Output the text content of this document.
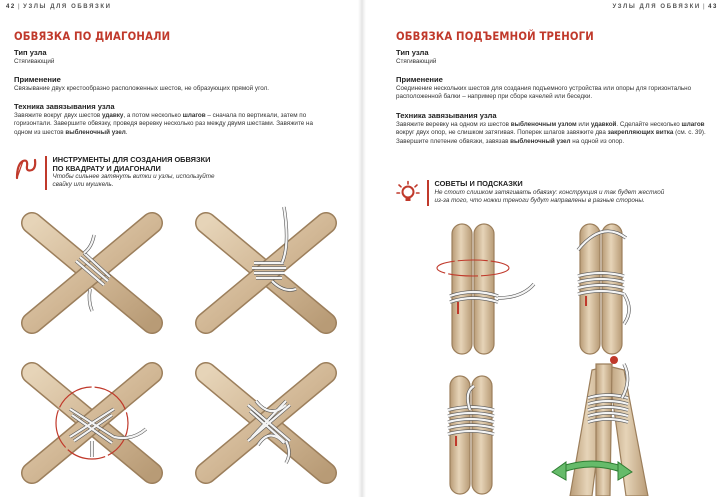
42 | УЗЛЫ ДЛЯ ОБВЯЗКИ
ОБВЯЗКА ПО ДИАГОНАЛИ
Тип узла

Стягивающий

Применение

Связывание двух крестообразно расположенных шестов, не образующих прямой угол.

Техника завязывания узла

Завяжите вокруг двух шестов удавку, а потом несколько шлагов – сначала по вертикали, затем по горизонтали. Завершите обвязку, проведя веревку несколько раз между двумя шестами. Завяжите на одном из шестов выбленочный узел.

ИНСТРУМЕНТЫ ДЛЯ СОЗДАНИЯ ОБВЯЗКИ
ПО КВАДРАТУ И ДИАГОНАЛИ

Чтобы сильнее затянуть витки и узлы, используйте
свайку или мушкель.

УЗЛЫ ДЛЯ ОБВЯЗКИ | 43
ОБВЯЗКА ПОДЪЕМНОЙ ТРЕНОГИ
Тип узла

Стягивающий

Применение

Соединение нескольких шестов для создания подъемного устройства или опоры для горизонтально расположенной балки – например при сборе качелей или беседки.

Техника завязывания узла

Завяжите веревку на одном из шестов выбленочным узлом или удавкой. Сделайте несколько шлагов вокруг двух опор, не слишком затягивая. Поперек шлагов завяжите два закрепляющих витка (см. с. 39).
Завершите плетение обвязки, завязав выбленочный узел на одной из опор.

СОВЕТЫ И ПОДСКАЗКИ

Не стоит слишком затягивать обвязку: конструкция и так будет жесткой
из-за того, что ножки треноги будут направлены в разные стороны.
